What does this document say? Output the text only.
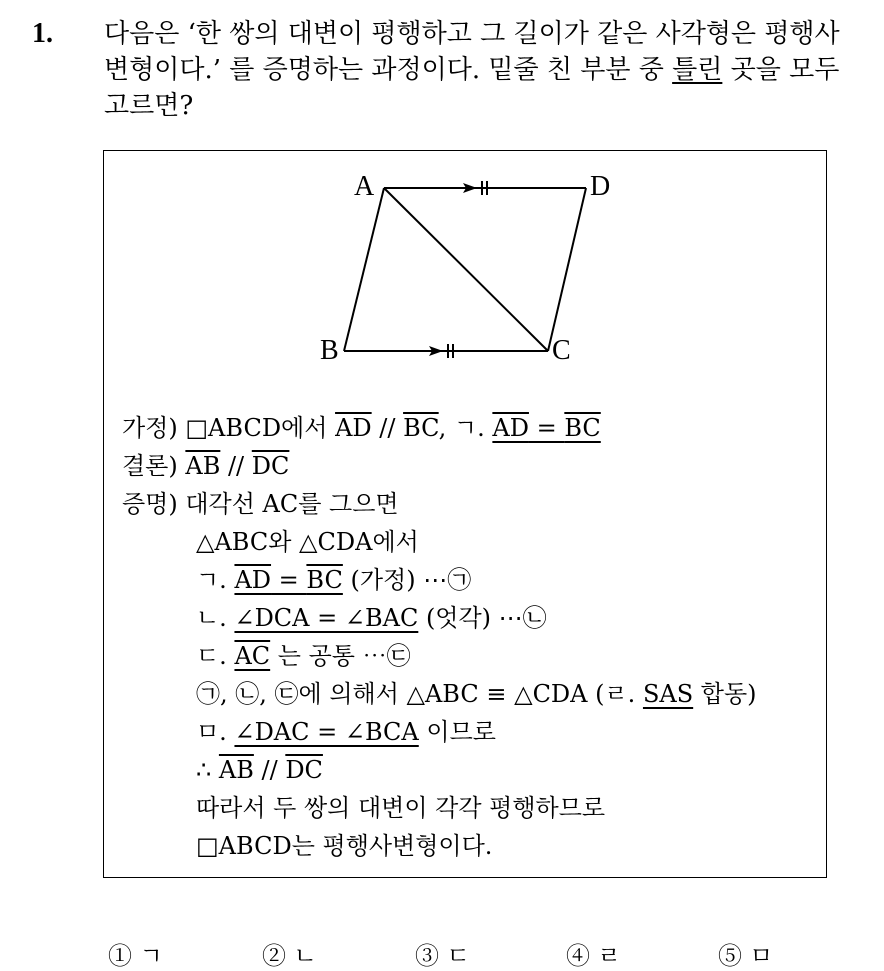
1. 다음은 ‘한 쌍의 대변이 평행하고 그 길이가 같은 사각형은 평행사
변형이다.’ 를 증명하는 과정이다. 밑줄 친 부분 중 틀린 곳을 모두
고르면?
A	D
B	C
가정) □ABCD에서 $\overline{AD} // \overline{BC}$, ㄱ. AD = BC
결론) $\overline{AB} // \overline{DC}$
증명) 대각선 AC를 그으면
△ABC와 △CDA에서
ㄱ. AD = BC (가정) ⋯㉠
ㄴ. ∠DCA = ∠BAC (엇각) ⋯㉡
ㄷ. AC 는 공통 ⋯㉢
㉠, ㉡, ㉢에 의해서 △ABC ≡ △CDA (ㄹ. SAS 합동)
ㅁ. ∠DAC = ∠BCA 이므로
∴ $\overline{AB} // \overline{DC}$
따라서 두 쌍의 대변이 각각 평행하므로
□ABCD는 평행사변형이다.
① ㄱ	② ㄴ	③ ㄷ	④ ㄹ	⑤ ㅁ
